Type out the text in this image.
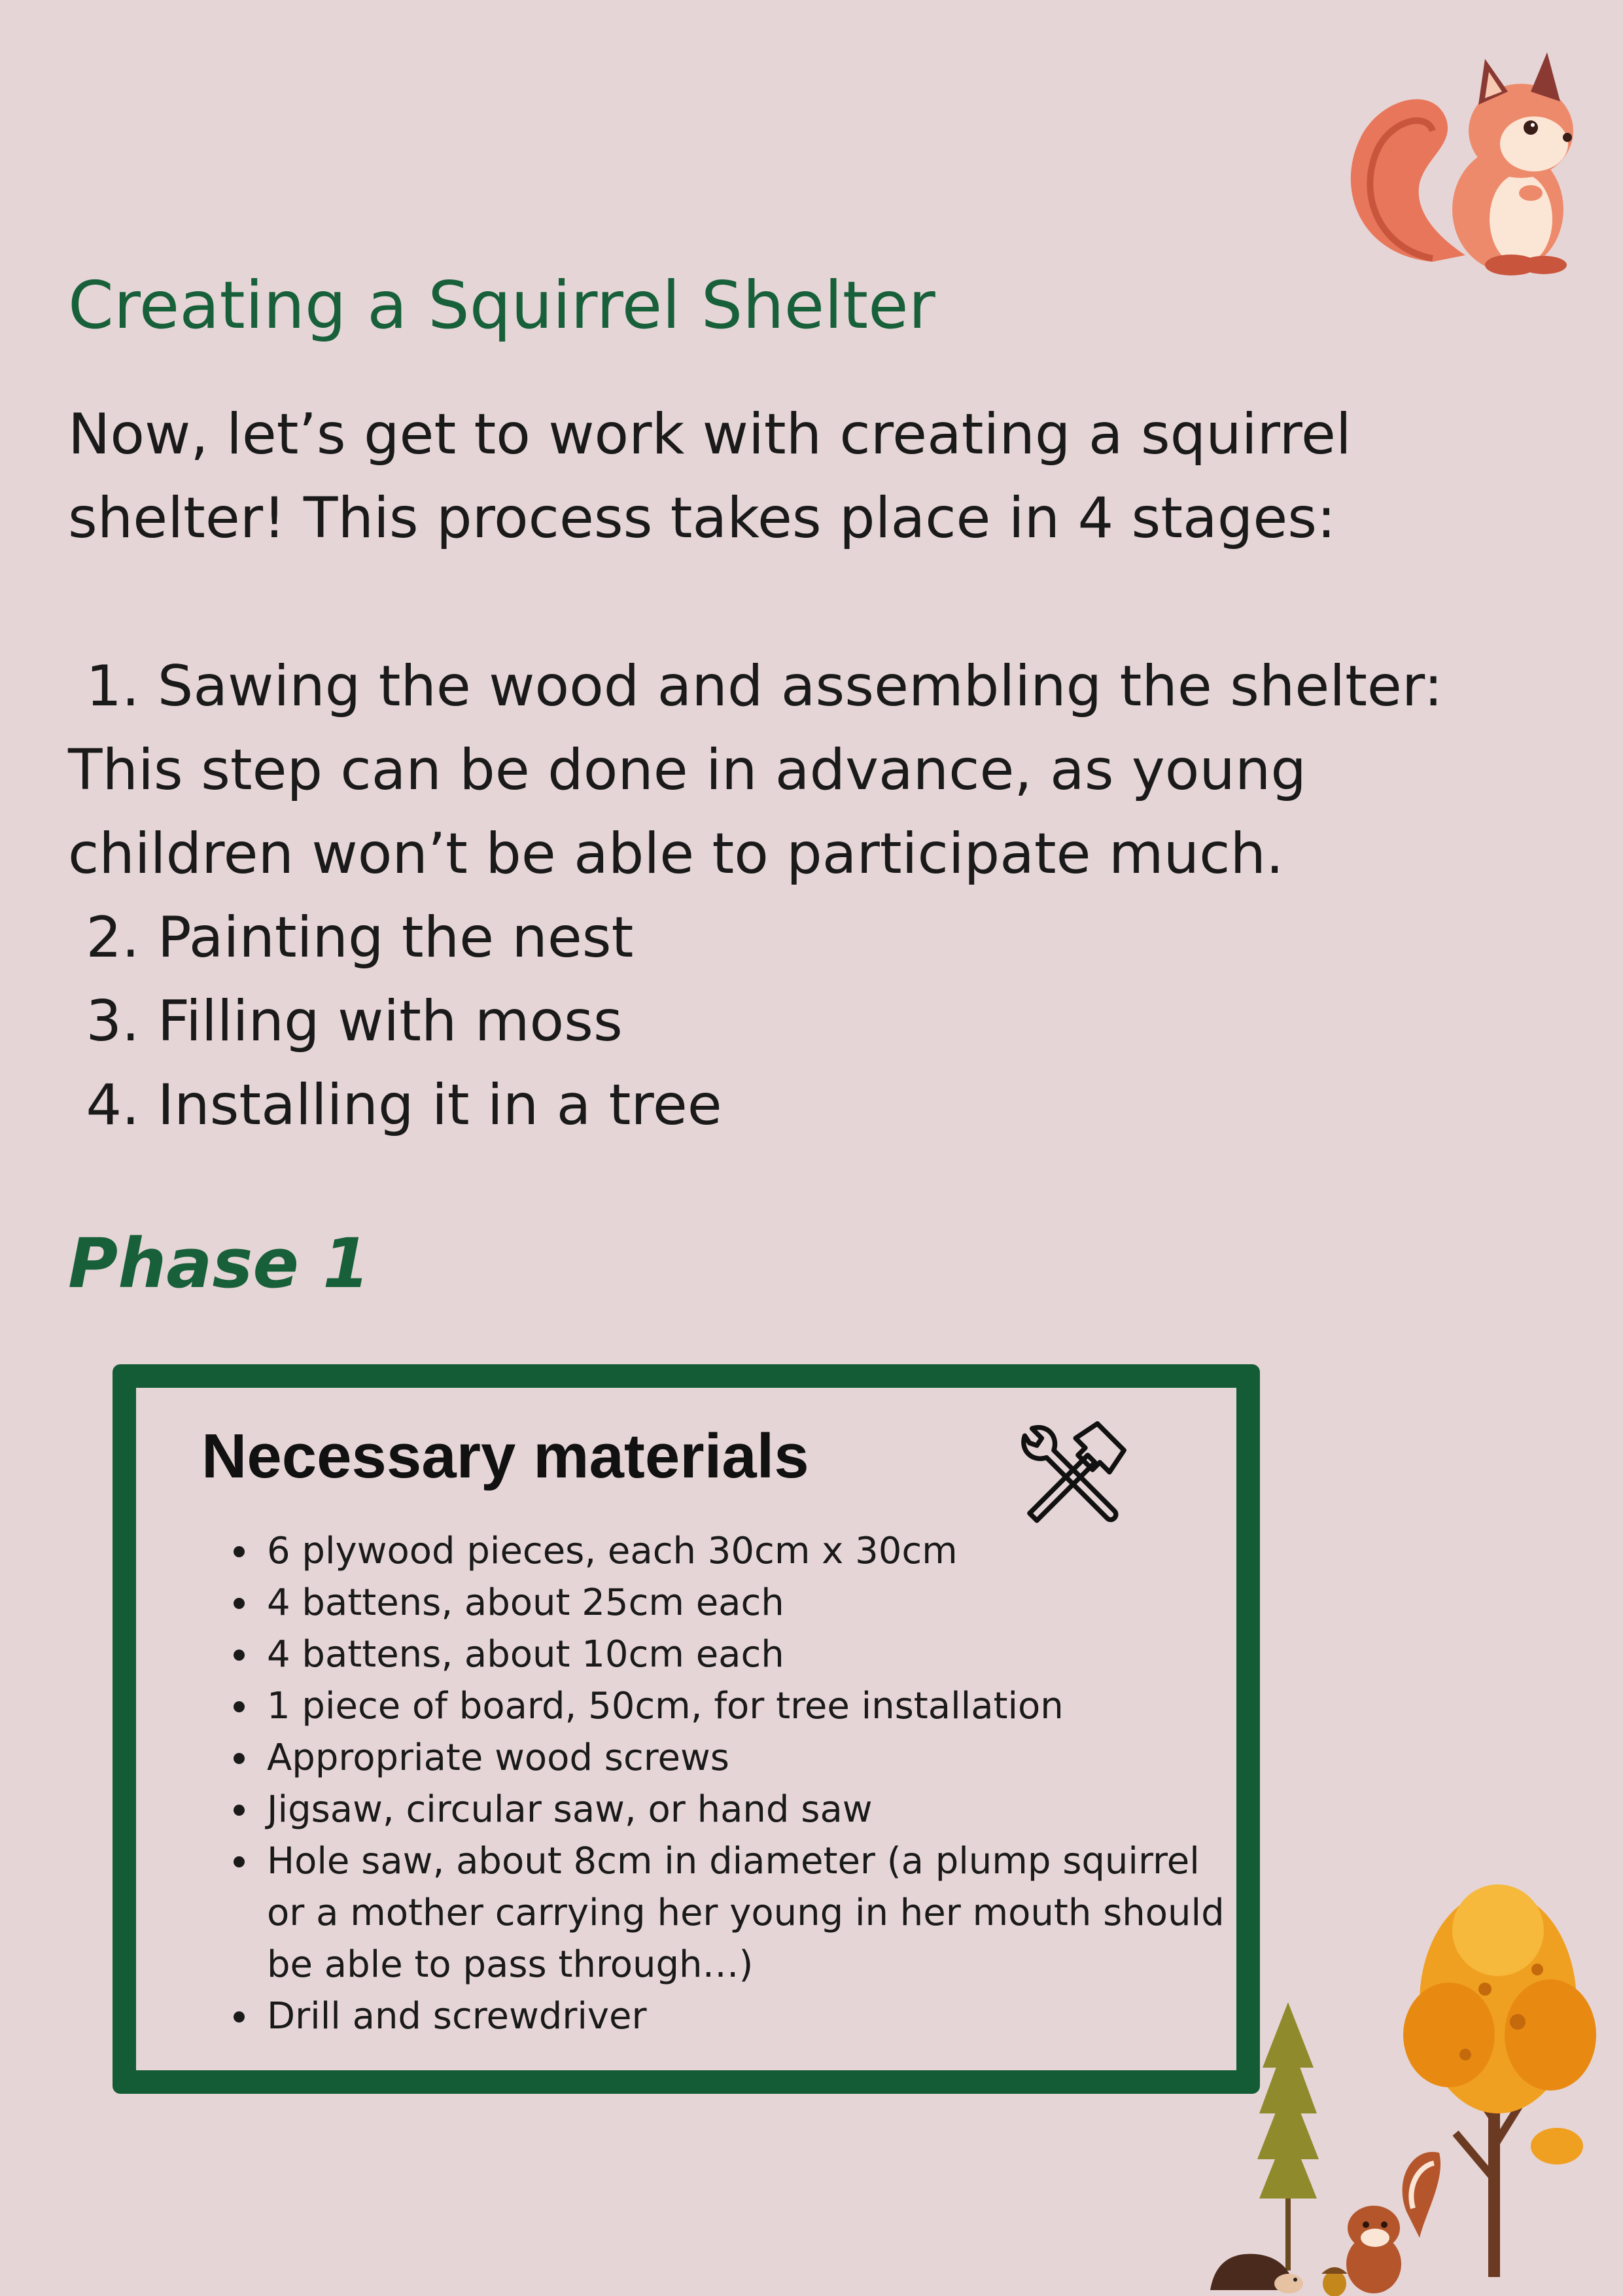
Creating a Squirrel Shelter

Now, let’s get to work with creating a squirrel

shelter! This process takes place in 4 stages:

1. Sawing the wood and assembling the shelter:
This step can be done in advance, as young
children won’t be able to participate much.
2. Painting the nest
3. Filling with moss
4. Installing it in a tree
Phase 1
Necessary materials
• 6 plywood pieces, each 30cm x 30cm
• 4 battens, about 25cm each
• 4 battens, about 10cm each
• 1 piece of board, 50cm, for tree installation
• Appropriate wood screws
• Jigsaw, circular saw, or hand saw
• Hole saw, about 8cm in diameter (a plump squirrel or a mother carrying her young in her mouth should be able to pass through…)
• Drill and screwdriver
